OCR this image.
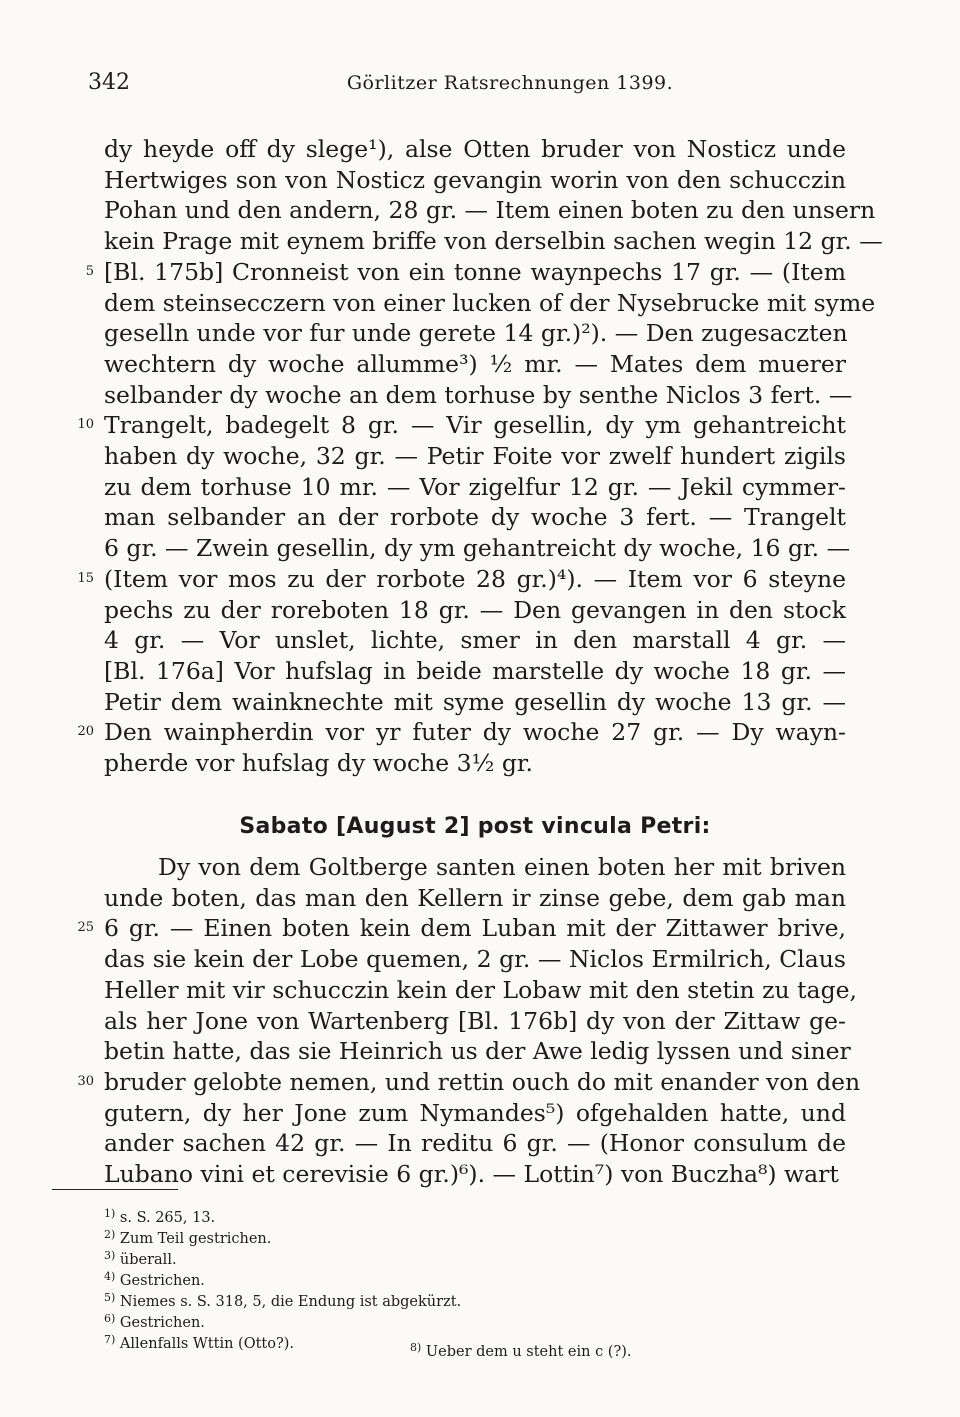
342	Görlitzer Ratsrechnungen 1399.
dy heyde off dy slege¹), alse Otten bruder von Nosticz unde
Hertwiges son von Nosticz gevangin worin von den schucczin
Pohan und den andern, 28 gr. — Item einen boten zu den unsern
kein Prage mit eynem briffe von derselbin sachen wegin 12 gr. —
5 [Bl. 175b] Cronneist von ein tonne waynpechs 17 gr. — (Item
dem steinsecczern von einer lucken of der Nysebrucke mit syme
geselln unde vor fur unde gerete 14 gr.)²). — Den zugesaczten
wechtern dy woche allumme³) ½ mr. — Mates dem muerer
selbander dy woche an dem torhuse by senthe Niclos 3 fert. —
10 Trangelt, badegelt 8 gr. — Vir gesellin, dy ym gehantreicht
haben dy woche, 32 gr. — Petir Foite vor zwelf hundert zigils
zu dem torhuse 10 mr. — Vor zigelfur 12 gr. — Jekil cymmer-
man selbander an der rorbote dy woche 3 fert. — Trangelt
6 gr. — Zwein gesellin, dy ym gehantreicht dy woche, 16 gr. —
15 (Item vor mos zu der rorbote 28 gr.)⁴). — Item vor 6 steyne
pechs zu der roreboten 18 gr. — Den gevangen in den stock
4 gr. — Vor unslet, lichte, smer in den marstall 4 gr. —
[Bl. 176a] Vor hufslag in beide marstelle dy woche 18 gr. —
Petir dem wainknechte mit syme gesellin dy woche 13 gr. —
20 Den wainpherdin vor yr futer dy woche 27 gr. — Dy wayn-
pherde vor hufslag dy woche 3½ gr.
Sabato [August 2] post vincula Petri:
Dy von dem Goltberge santen einen boten her mit briven
unde boten, das man den Kellern ir zinse gebe, dem gab man
25 6 gr. — Einen boten kein dem Luban mit der Zittawer brive,
das sie kein der Lobe quemen, 2 gr. — Niclos Ermilrich, Claus
Heller mit vir schucczin kein der Lobaw mit den stetin zu tage,
als her Jone von Wartenberg [Bl. 176b] dy von der Zittaw ge-
betin hatte, das sie Heinrich us der Awe ledig lyssen und siner
30 bruder gelobte nemen, und rettin ouch do mit enander von den
gutern, dy her Jone zum Nymandes⁵) ofgehalden hatte, und
ander sachen 42 gr. — In reditu 6 gr. — (Honor consulum de
Lubano vini et cerevisie 6 gr.)⁶). — Lottin⁷) von Buczha⁸) wart
$^{1)}$ s. S. 265, 13.
$^{2)}$ Zum Teil gestrichen.
$^{3)}$ überall.
$^{4)}$ Gestrichen.
$^{5)}$ Niemes s. S. 318, 5, die Endung ist abgekürzt.
$^{6)}$ Gestrichen.
$^{7)}$ Allenfalls Wttin (Otto?).	$^{8)}$ Ueber dem u steht ein c (?).
